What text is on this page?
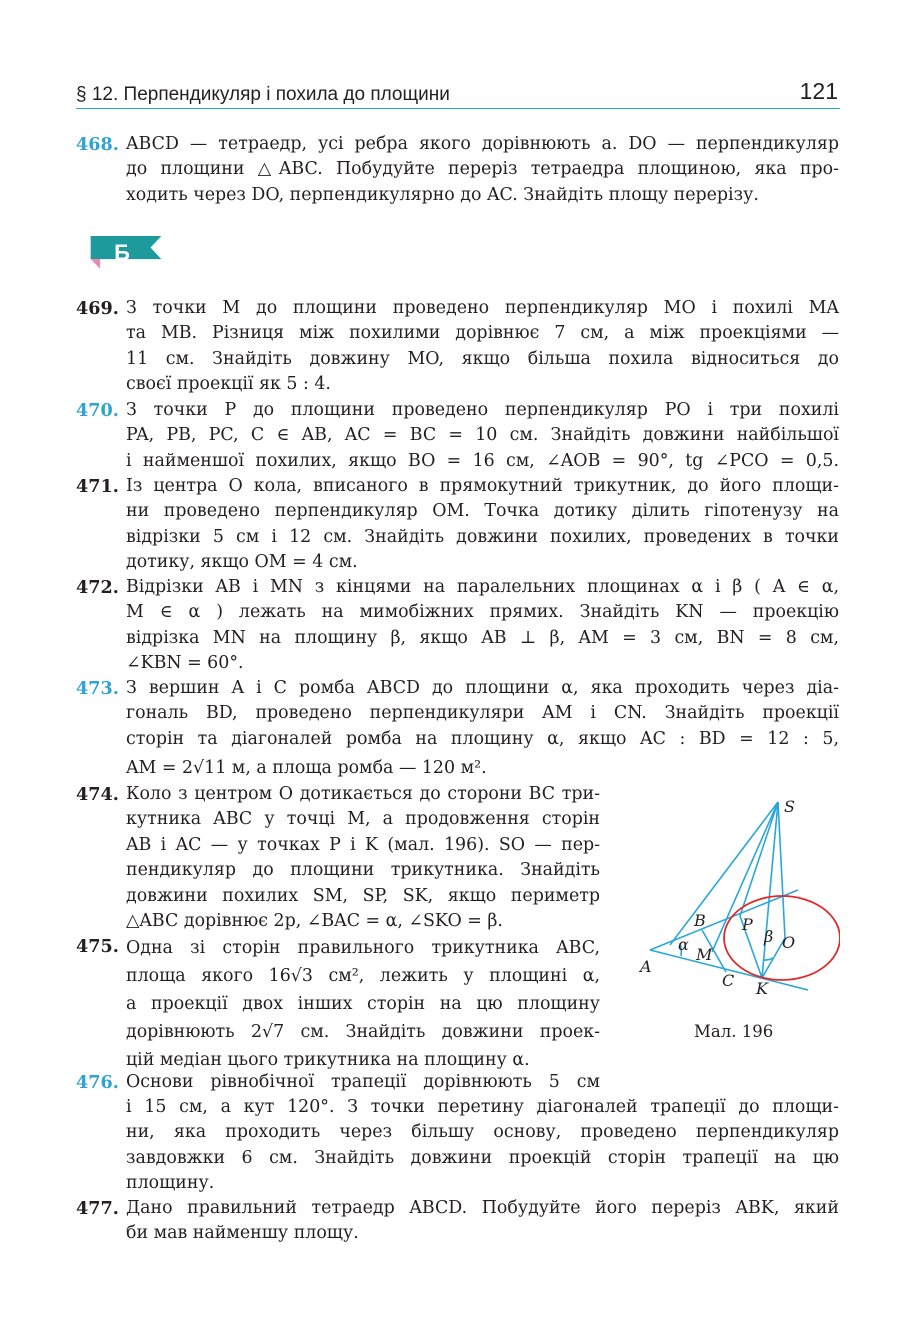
§ 12. Перпендикуляр і похила до площини	121
468. ABCD — тетраедр, усі ребра якого дорівнюють a. DO — перпендикуляр
до площини △ABC. Побудуйте переріз тетраедра площиною, яка про-
ходить через DO, перпендикулярно до AC. Знайдіть площу перерізу.
Б
469. З точки M до площини проведено перпендикуляр MO і похилі MA
та MB. Різниця між похилими дорівнює 7 см, а між проекціями —
11 см. Знайдіть довжину MO, якщо більша похила відноситься до
своєї проекції як 5 : 4.
470. З точки P до площини проведено перпендикуляр PO і три похилі
PA, PB, PC, C ∈ AB, AC = BC = 10 см. Знайдіть довжини найбільшої
і найменшої похилих, якщо BO = 16 см, ∠AOB = 90°, tg ∠PCO = 0,5.
471. Із центра O кола, вписаного в прямокутний трикутник, до його площи-
ни проведено перпендикуляр OM. Точка дотику ділить гіпотенузу на
відрізки 5 см і 12 см. Знайдіть довжини похилих, проведених в точки
дотику, якщо OM = 4 см.
472. Відрізки AB і MN з кінцями на паралельних площинах α і β ( A ∈ α,
M ∈ α ) лежать на мимобіжних прямих. Знайдіть KN — проекцію
відрізка MN на площину β, якщо AB ⊥ β, AM = 3 см, BN = 8 см,
∠KBN = 60°.
473. З вершин A і C ромба ABCD до площини α, яка проходить через діа-
гональ BD, проведено перпендикуляри AM і CN. Знайдіть проекції
сторін та діагоналей ромба на площину α, якщо AC : BD = 12 : 5,
AM = 2√11 м, а площа ромба — 120 м².
474. Коло з центром O дотикається до сторони BC три-
кутника ABC у точці M, а продовження сторін
AB і AC — у точках P і K (мал. 196). SO — пер-
пендикуляр до площини трикутника. Знайдіть
довжини похилих SM, SP, SK, якщо периметр
△ABC дорівнює 2p, ∠BAC = α, ∠SKO = β.
475. Одна зі сторін правильного трикутника ABC,
площа якого 16√3 см², лежить у площині α,
а проекції двох інших сторін на цю площину
дорівнюють 2√7 см. Знайдіть довжини проек-
цій медіан цього трикутника на площину α.
476. Основи рівнобічної трапеції дорівнюють 5 см
і 15 см, а кут 120°. З точки перетину діагоналей трапеції до площи-
ни, яка проходить через більшу основу, проведено перпендикуляр
завдовжки 6 см. Знайдіть довжини проекцій сторін трапеції на цю
площину.
477. Дано правильний тетраедр ABCD. Побудуйте його переріз ABK, який
би мав найменшу площу.
S
B P
β O
α
M
A
C K
Мал. 196
